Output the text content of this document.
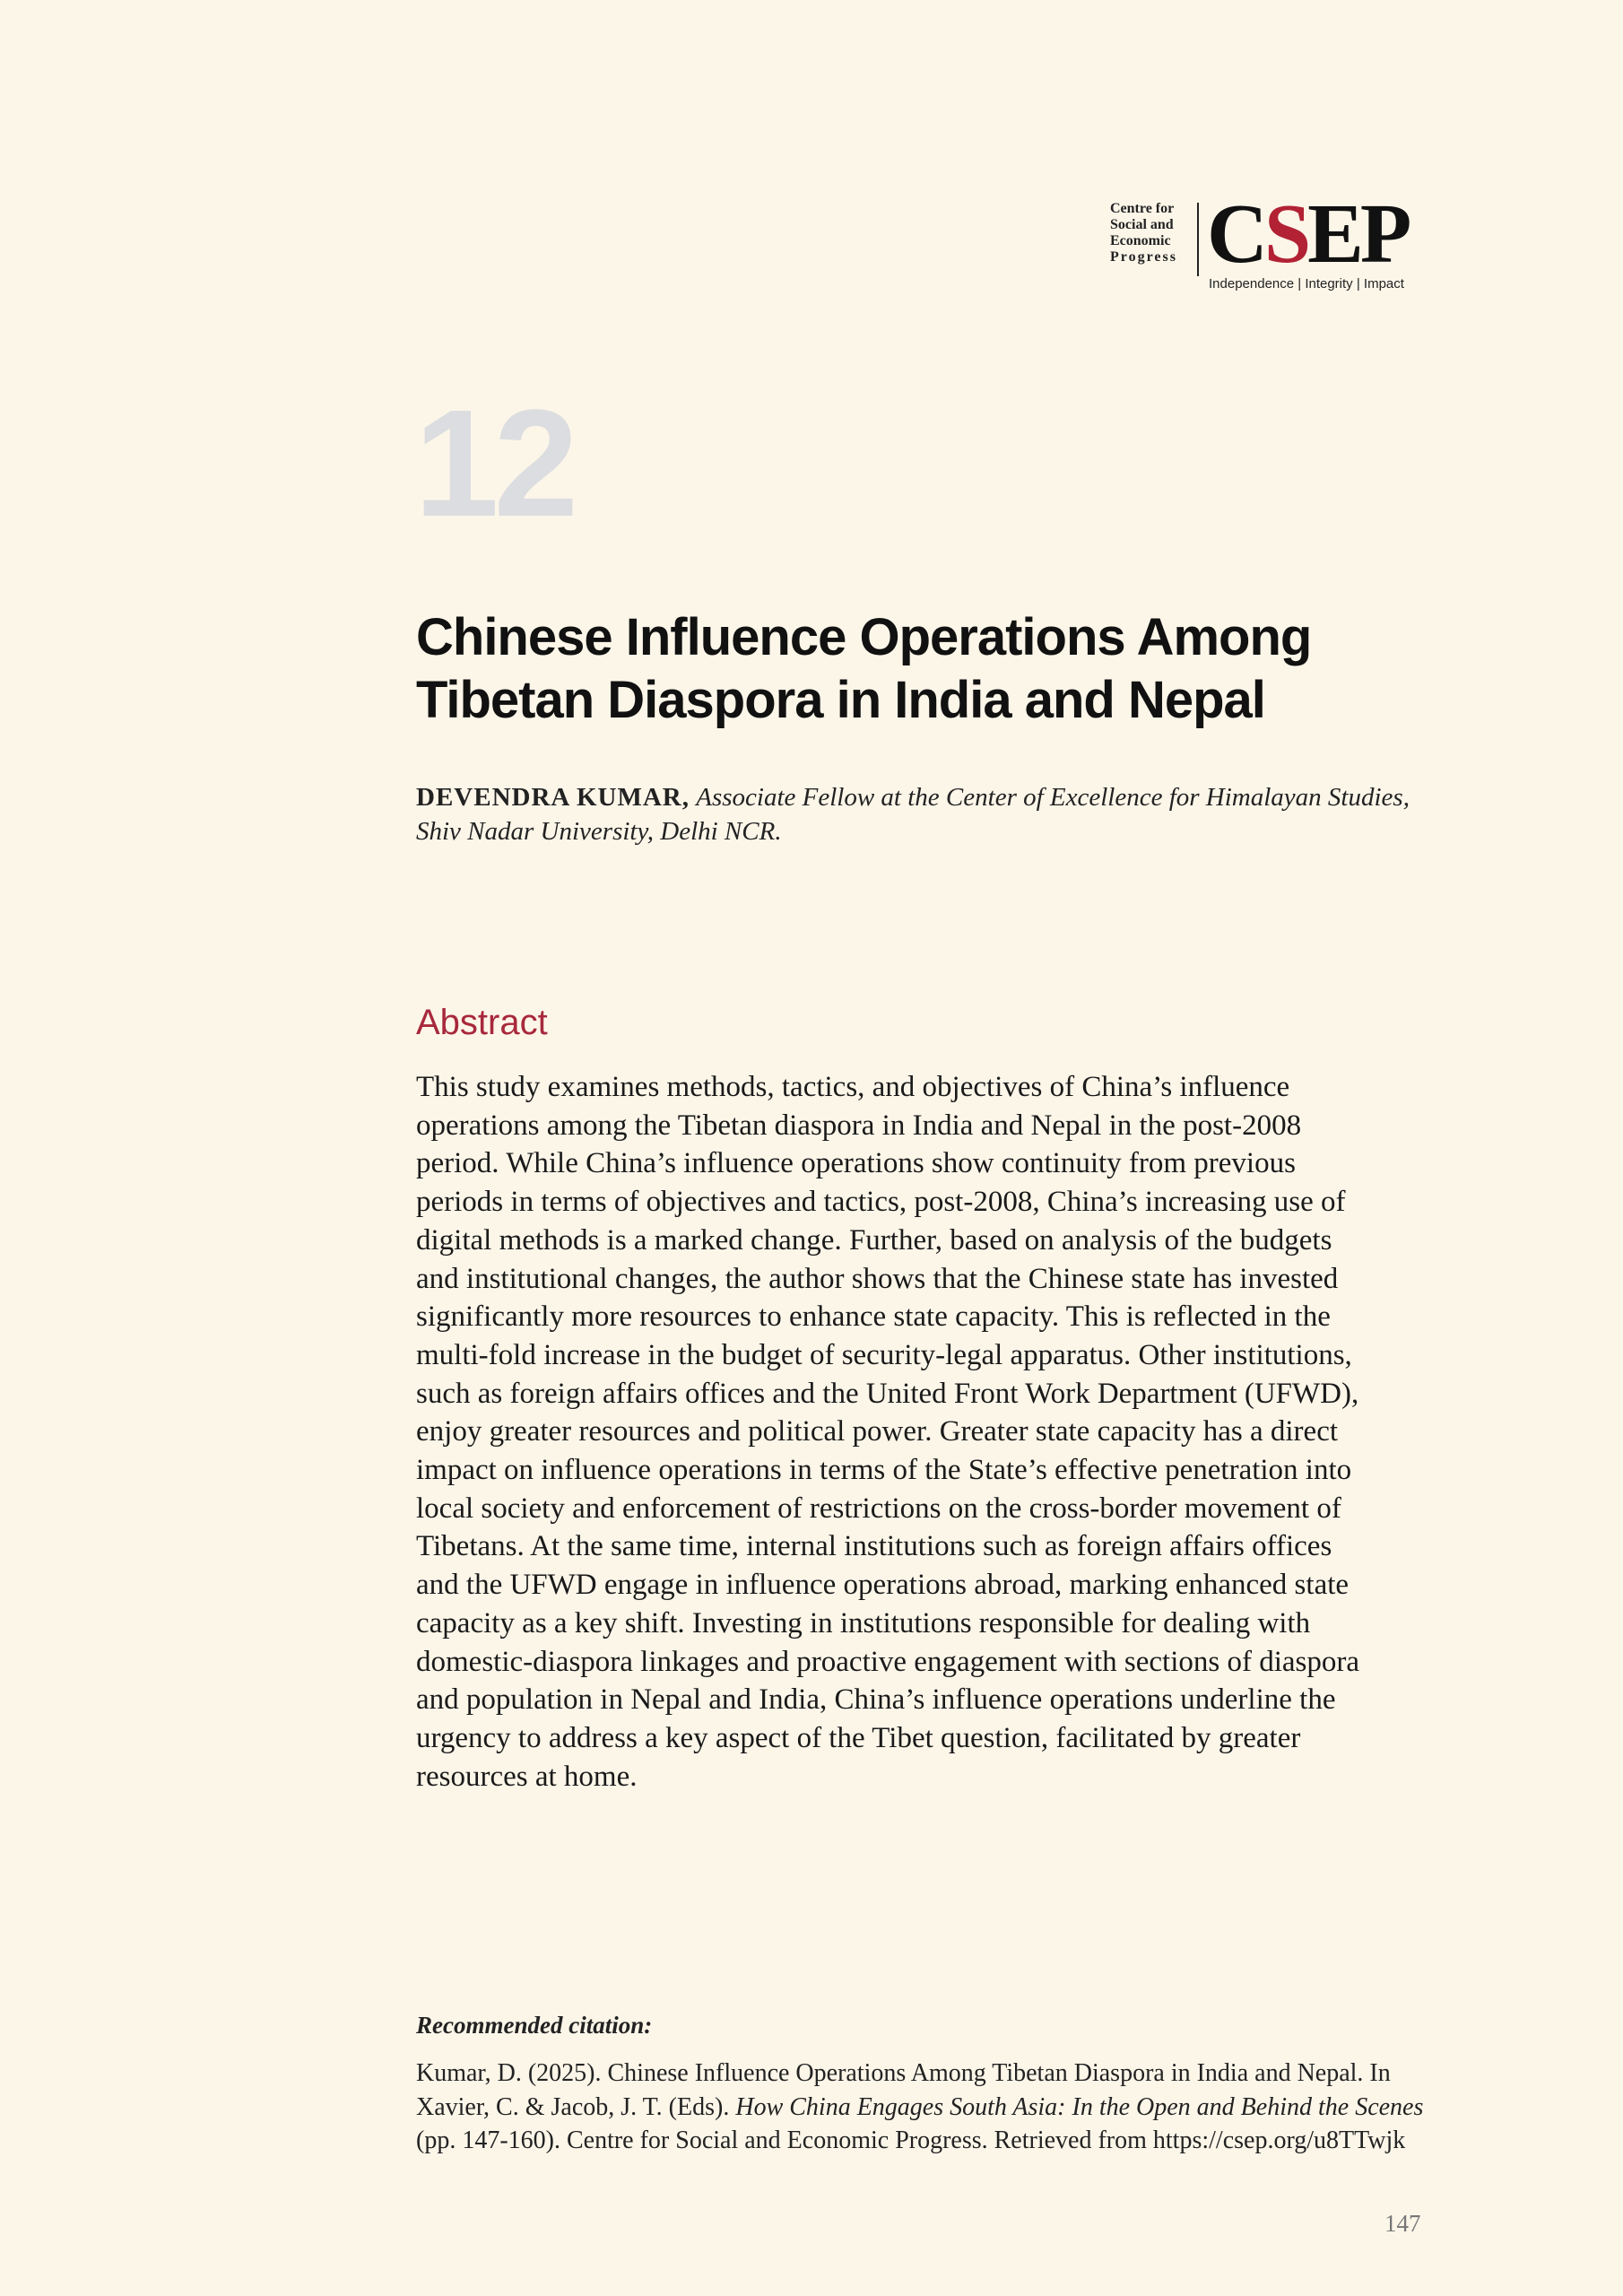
Centre for
Social and
Economic
Progress CSEP
Independence | Integrity | Impact
12
Chinese Influence Operations Among
Tibetan Diaspora in India and Nepal
DEVENDRA KUMAR, Associate Fellow at the Center of Excellence for Himalayan Studies,
Shiv Nadar University, Delhi NCR.
Abstract
This study examines methods, tactics, and objectives of China’s influence
operations among the Tibetan diaspora in India and Nepal in the post-2008
period. While China’s influence operations show continuity from previous
periods in terms of objectives and tactics, post-2008, China’s increasing use of
digital methods is a marked change. Further, based on analysis of the budgets
and institutional changes, the author shows that the Chinese state has invested
significantly more resources to enhance state capacity. This is reflected in the
multi-fold increase in the budget of security-legal apparatus. Other institutions,
such as foreign affairs offices and the United Front Work Department (UFWD),
enjoy greater resources and political power. Greater state capacity has a direct
impact on influence operations in terms of the State’s effective penetration into
local society and enforcement of restrictions on the cross-border movement of
Tibetans. At the same time, internal institutions such as foreign affairs offices
and the UFWD engage in influence operations abroad, marking enhanced state
capacity as a key shift. Investing in institutions responsible for dealing with
domestic-diaspora linkages and proactive engagement with sections of diaspora
and population in Nepal and India, China’s influence operations underline the
urgency to address a key aspect of the Tibet question, facilitated by greater
resources at home.
Recommended citation:

Kumar, D. (2025). Chinese Influence Operations Among Tibetan Diaspora in India and Nepal. In Xavier, C. & Jacob, J. T. (Eds). How China Engages South Asia: In the Open and Behind the Scenes (pp. 147-160). Centre for Social and Economic Progress. Retrieved from https://csep.org/u8TTwjk

147
